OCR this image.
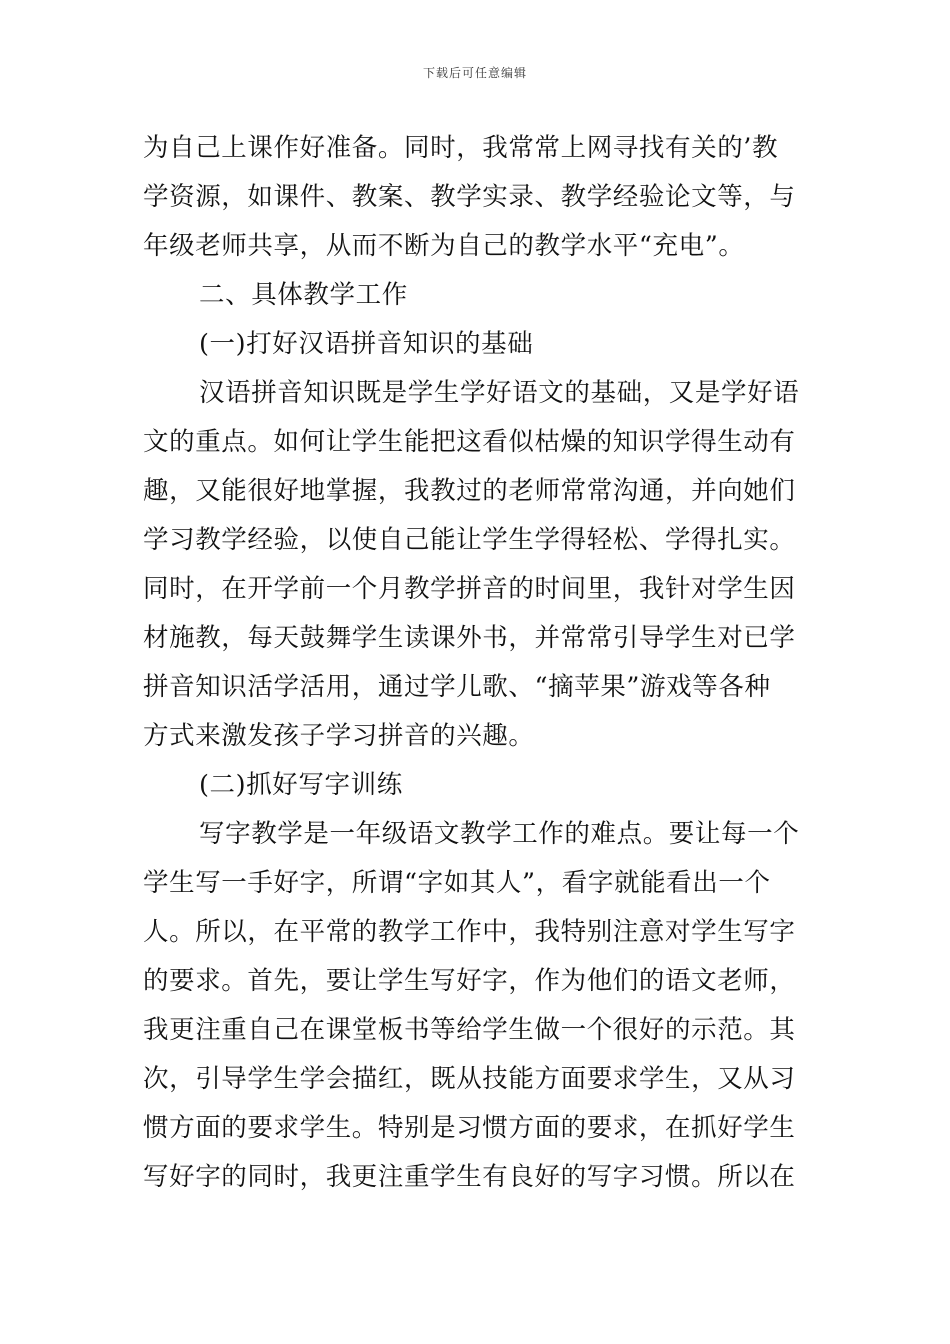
下载后可任意编辑
为自己上课作好准备。同时，我常常上网寻找有关的’教
学资源，如课件、教案、教学实录、教学经验论文等，与
年级老师共享，从而不断为自己的教学水平“充电”。
二、具体教学工作
(一)打好汉语拼音知识的基础
汉语拼音知识既是学生学好语文的基础，又是学好语
文的重点。如何让学生能把这看似枯燥的知识学得生动有
趣，又能很好地掌握，我教过的老师常常沟通，并向她们
学习教学经验，以使自己能让学生学得轻松、学得扎实。
同时，在开学前一个月教学拼音的时间里，我针对学生因
材施教，每天鼓舞学生读课外书，并常常引导学生对已学
拼音知识活学活用，通过学儿歌、“摘苹果”游戏等各种
方式来激发孩子学习拼音的兴趣。
(二)抓好写字训练
写字教学是一年级语文教学工作的难点。要让每一个
学生写一手好字，所谓“字如其人”，看字就能看出一个
人。所以，在平常的教学工作中，我特别注意对学生写字
的要求。首先，要让学生写好字，作为他们的语文老师，
我更注重自己在课堂板书等给学生做一个很好的示范。其
次，引导学生学会描红，既从技能方面要求学生，又从习
惯方面的要求学生。特别是习惯方面的要求，在抓好学生
写好字的同时，我更注重学生有良好的写字习惯。所以在
